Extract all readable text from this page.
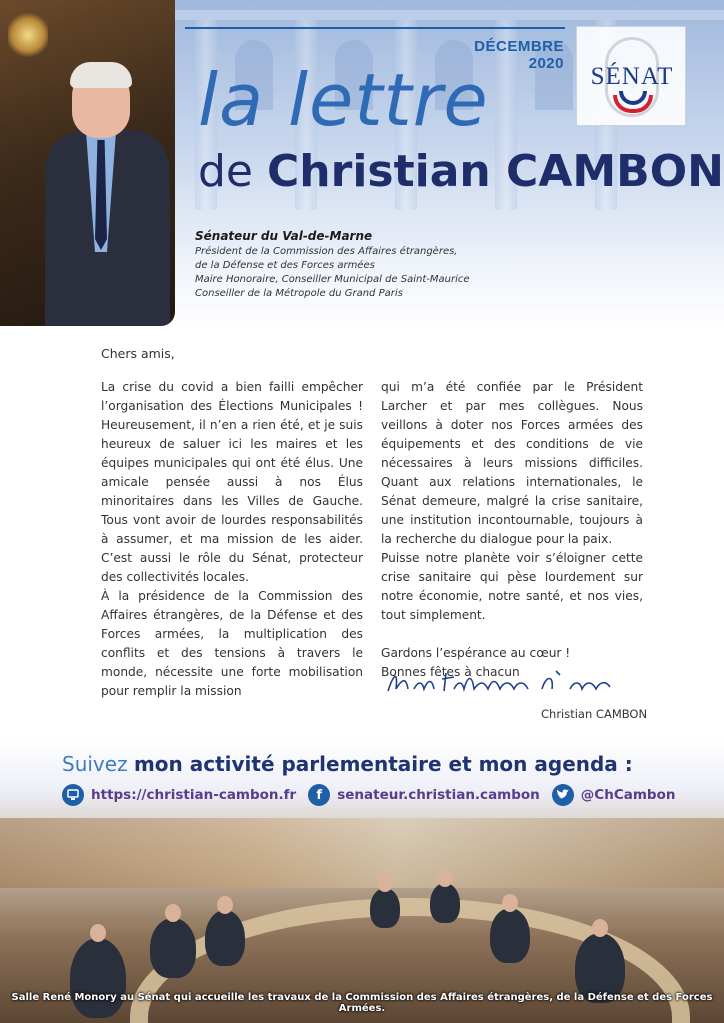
DÉCEMBRE 2020	SÉNAT
la lettre
de Christian CAMBON
Sénateur du Val-de-Marne
Président de la Commission des Affaires étrangères,
de la Défense et des Forces armées
Maire Honoraire, Conseiller Municipal de Saint-Maurice
Conseiller de la Métropole du Grand Paris
Chers amis,

La crise du covid a bien failli empêcher l’organisation des Élections Municipales ! Heureusement, il n’en a rien été, et je suis heureux de saluer ici les maires et les équipes municipales qui ont été élus. Une amicale pensée aussi à nos Élus minoritaires dans les Villes de Gauche. Tous vont avoir de lourdes responsabilités à assumer, et ma mission de les aider. C’est aussi le rôle du Sénat, protecteur des collectivités locales.

À la présidence de la Commission des Affaires étrangères, de la Défense et des Forces armées, la multiplication des conflits et des tensions à travers le monde, nécessite une forte mobilisation pour remplir la mission

qui m’a été confiée par le Président Larcher et par mes collègues. Nous veillons à doter nos Forces armées des équipements et des conditions de vie nécessaires à leurs missions difficiles. Quant aux relations internationales, le Sénat demeure, malgré la crise sanitaire, une institution incontournable, toujours à la recherche du dialogue pour la paix.

Puisse notre planète voir s’éloigner cette crise sanitaire qui pèse lourdement sur notre économie, notre santé, et nos vies, tout simplement.

Gardons l’espérance au cœur !

Bonnes fêtes à chacun

Christian CAMBON
Suivez mon activité parlementaire et mon agenda :
https://christian-cambon.fr	f	senateur.christian.cambon	@ChCambon
Salle René Monory au Sénat qui accueille les travaux de la Commission des Affaires étrangères, de la Défense et des Forces Armées.
